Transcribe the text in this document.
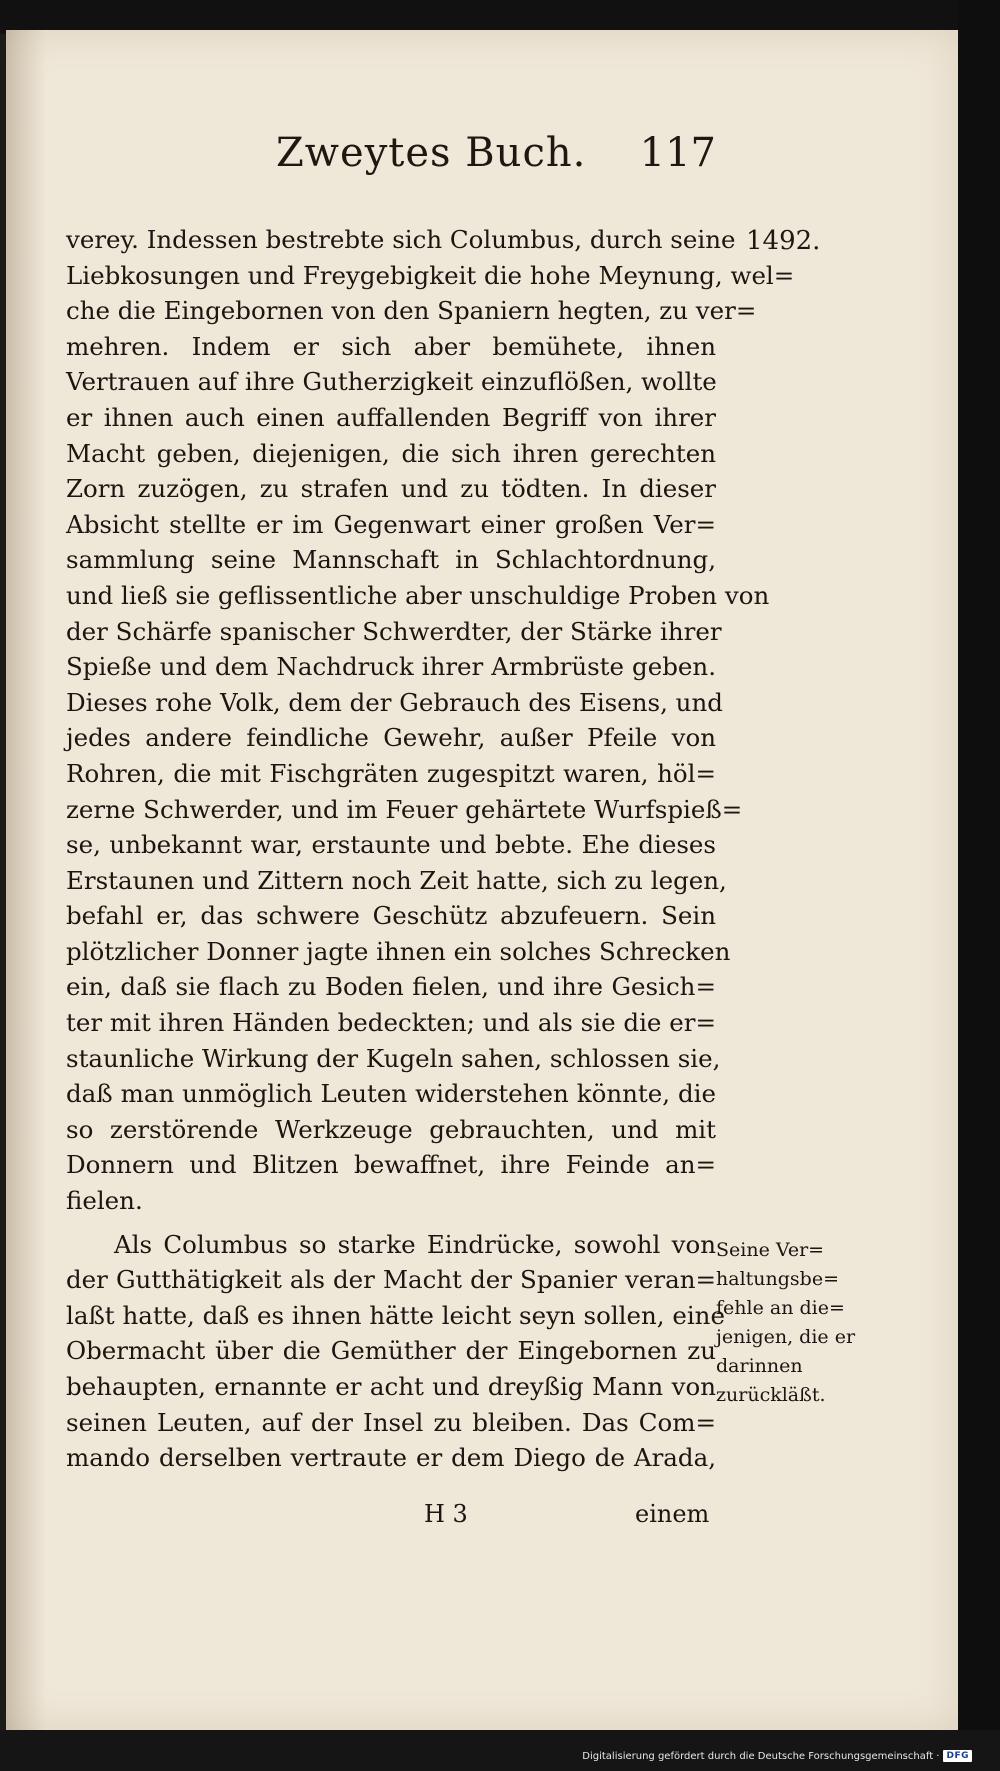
Zweytes Buch. 117
1492.
verey. Indessen bestrebte sich Columbus, durch seine
Liebkosungen und Freygebigkeit die hohe Meynung, wel=
che die Eingebornen von den Spaniern hegten, zu ver=
mehren. Indem er sich aber bemühete, ihnen
Vertrauen auf ihre Gutherzigkeit einzuflößen, wollte
er ihnen auch einen auffallenden Begriff von ihrer
Macht geben, diejenigen, die sich ihren gerechten
Zorn zuzögen, zu strafen und zu tödten. In dieser
Absicht stellte er im Gegenwart einer großen Ver=
sammlung seine Mannschaft in Schlachtordnung,
und ließ sie geflissentliche aber unschuldige Proben von
der Schärfe spanischer Schwerdter, der Stärke ihrer
Spieße und dem Nachdruck ihrer Armbrüste geben.
Dieses rohe Volk, dem der Gebrauch des Eisens, und
jedes andere feindliche Gewehr, außer Pfeile von
Rohren, die mit Fischgräten zugespitzt waren, höl=
zerne Schwerder, und im Feuer gehärtete Wurfspieß=
se, unbekannt war, erstaunte und bebte. Ehe dieses
Erstaunen und Zittern noch Zeit hatte, sich zu legen,
befahl er, das schwere Geschütz abzufeuern. Sein
plötzlicher Donner jagte ihnen ein solches Schrecken
ein, daß sie flach zu Boden fielen, und ihre Gesich=
ter mit ihren Händen bedeckten; und als sie die er=
staunliche Wirkung der Kugeln sahen, schlossen sie,
daß man unmöglich Leuten widerstehen könnte, die
so zerstörende Werkzeuge gebrauchten, und mit
Donnern und Blitzen bewaffnet, ihre Feinde an=
fielen.
Als Columbus so starke Eindrücke, sowohl von
der Gutthätigkeit als der Macht der Spanier veran=
laßt hatte, daß es ihnen hätte leicht seyn sollen, eine
Obermacht über die Gemüther der Eingebornen zu
behaupten, ernannte er acht und dreyßig Mann von
seinen Leuten, auf der Insel zu bleiben. Das Com=
mando derselben vertraute er dem Diego de Arada,
Seine Ver= haltungsbe= fehle an die= jenigen, die er darinnen zurückläßt.
H 3	einem
Digitalisierung gefördert durch die Deutsche Forschungsgemeinschaft · DFG
